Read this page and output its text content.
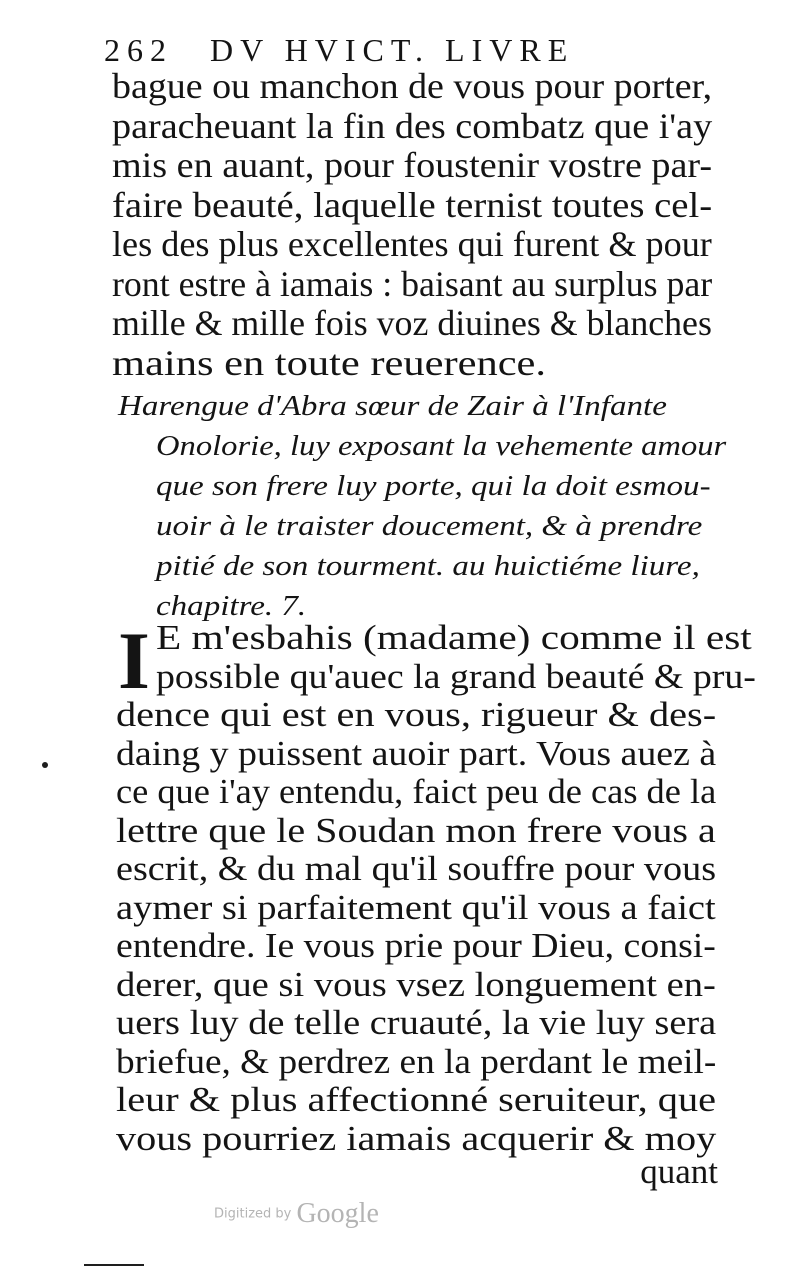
262 DV HVICT. LIVRE
bague ou manchon de vous pour porter,
paracheuant la fin des combatz que i'ay
mis en auant, pour foustenir vostre par-
faire beauté, laquelle ternist toutes cel-
les des plus excellentes qui furent & pour
ront estre à iamais : baisant au surplus par
mille & mille fois voz diuines & blanches
mains en toute reuerence.
Harengue d'Abra sœur de Zair à l'Infante
Onolorie, luy exposant la vehemente amour
que son frere luy porte, qui la doit esmou-
uoir à le traister doucement, & à prendre
pitié de son tourment. au huictiéme liure,
chapitre. 7.
I E m'esbahis (madame) comme il est
possible qu'auec la grand beauté & pru-
dence qui est en vous, rigueur & des-
daing y puissent auoir part. Vous auez à
ce que i'ay entendu, faict peu de cas de la
lettre que le Soudan mon frere vous a
escrit, & du mal qu'il souffre pour vous
aymer si parfaitement qu'il vous a faict
entendre. Ie vous prie pour Dieu, consi-
derer, que si vous vsez longuement en-
uers luy de telle cruauté, la vie luy sera
briefue, & perdrez en la perdant le meil-
leur & plus affectionné seruiteur, que
vous pourriez iamais acquerir & moy
quant
Digitized by Google
